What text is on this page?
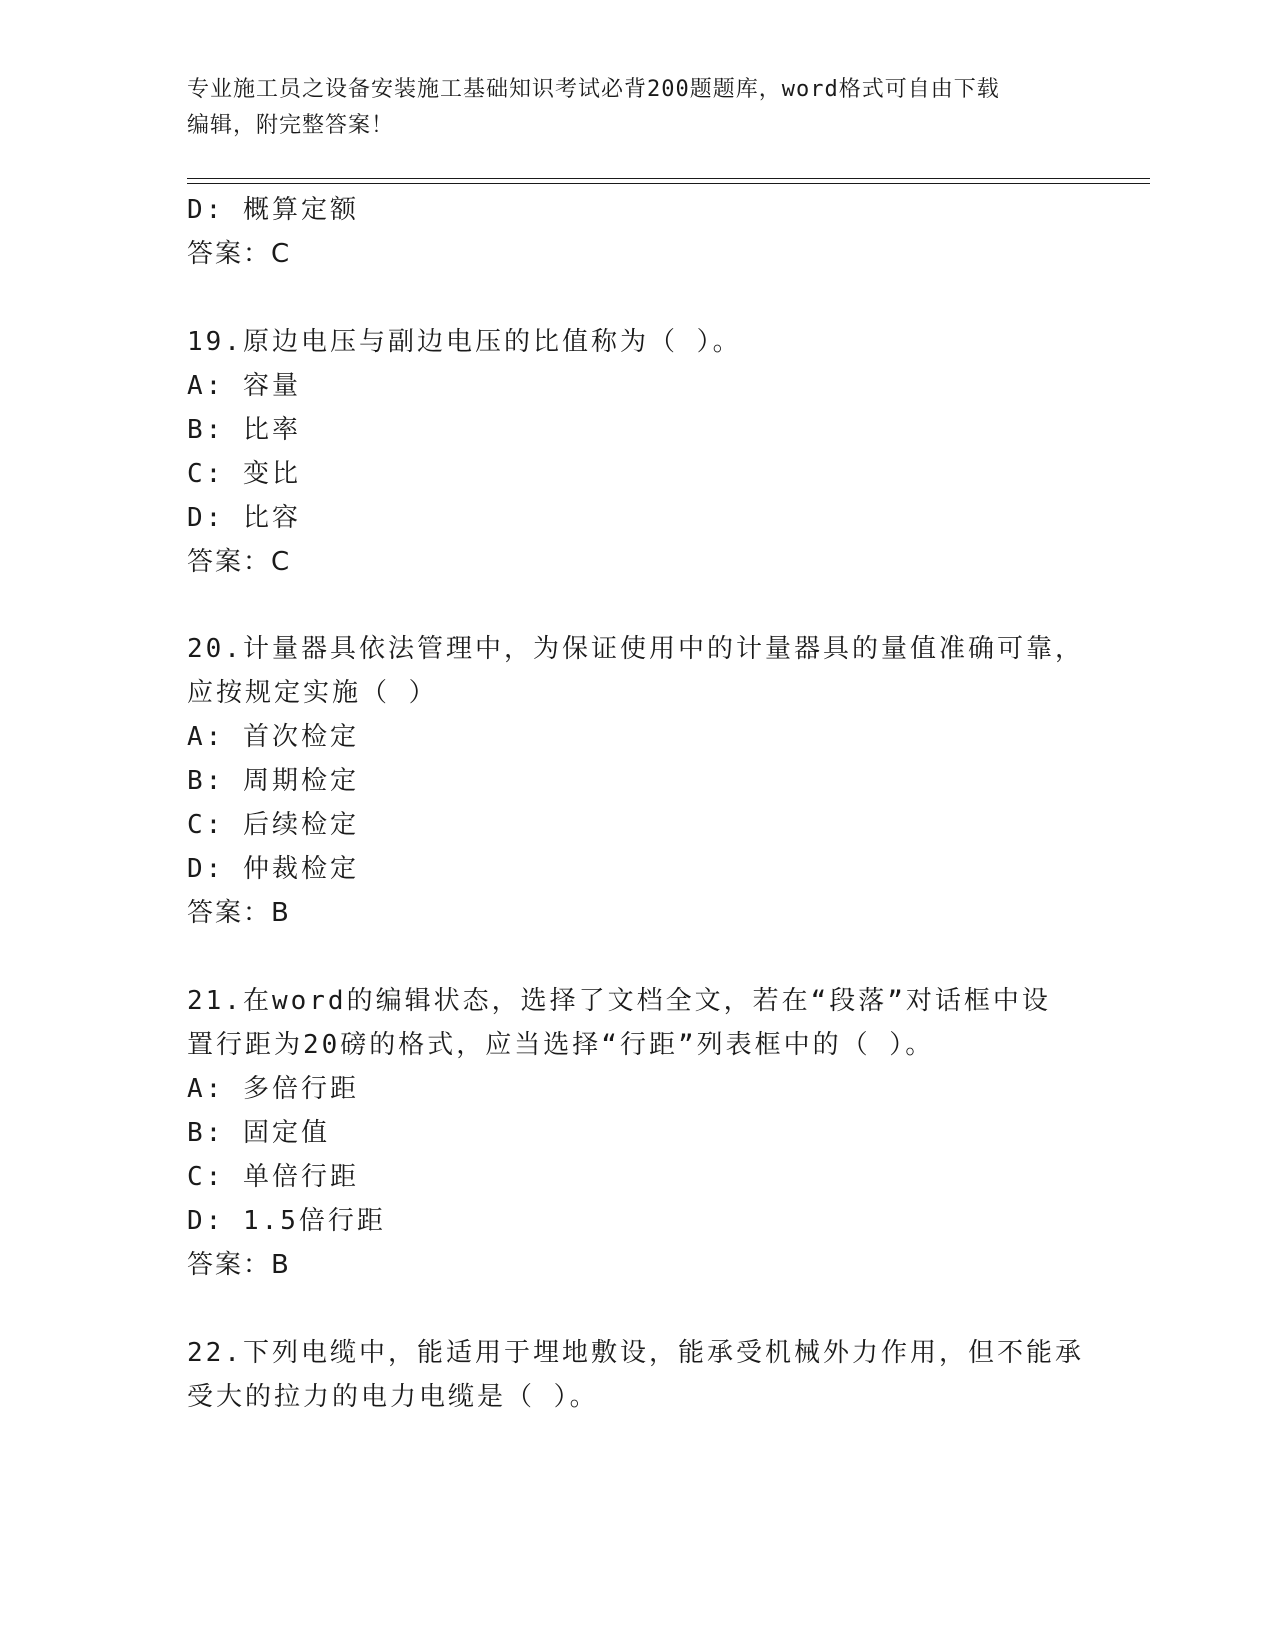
专业施工员之设备安装施工基础知识考试必背200题题库，word格式可自由下载
编辑，附完整答案！
D: 概算定额
答案：C
19.原边电压与副边电压的比值称为（ ）。
A: 容量
B: 比率
C: 变比
D: 比容
答案：C
20.计量器具依法管理中，为保证使用中的计量器具的量值准确可靠，
应按规定实施（ ）
A: 首次检定
B: 周期检定
C: 后续检定
D: 仲裁检定
答案：B
21.在word的编辑状态，选择了文档全文，若在“段落”对话框中设
置行距为20磅的格式，应当选择“行距”列表框中的（ ）。
A: 多倍行距
B: 固定值
C: 单倍行距
D: 1.5倍行距
答案：B
22.下列电缆中，能适用于埋地敷设，能承受机械外力作用，但不能承
受大的拉力的电力电缆是（ ）。
